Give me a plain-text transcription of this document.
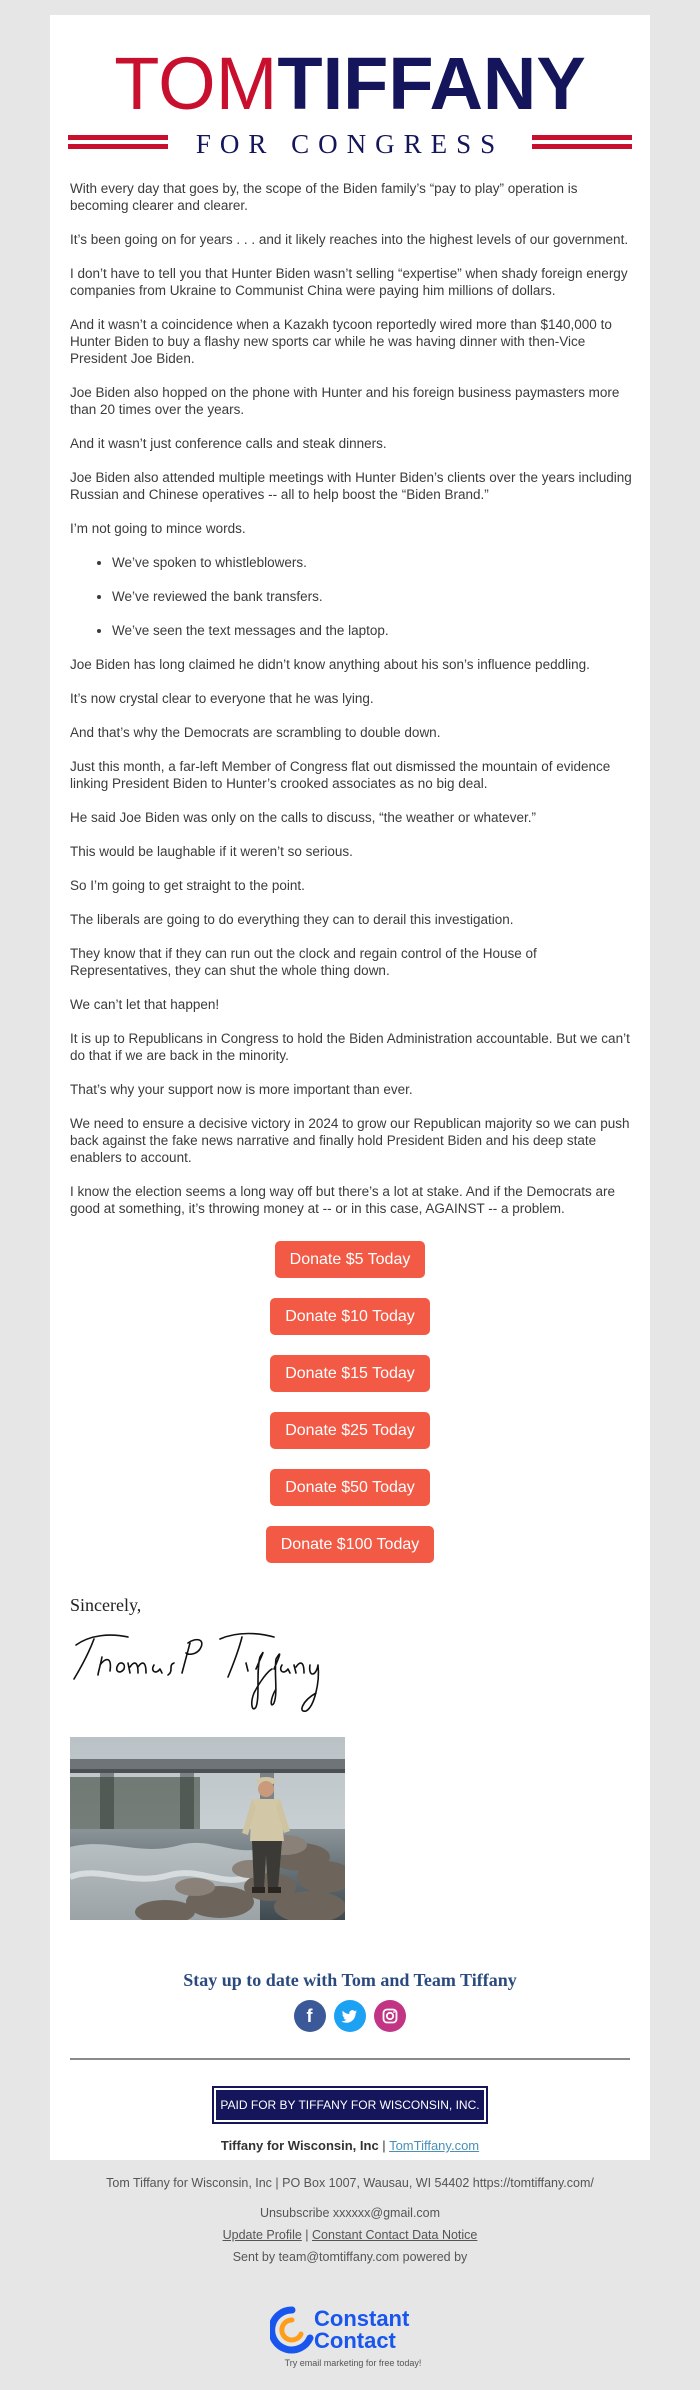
TOMTIFFANY
FOR CONGRESS

With every day that goes by, the scope of the Biden family’s “pay to play” operation is becoming clearer and clearer.

It’s been going on for years . . . and it likely reaches into the highest levels of our government.

I don’t have to tell you that Hunter Biden wasn’t selling “expertise” when shady foreign energy companies from Ukraine to Communist China were paying him millions of dollars.

And it wasn’t a coincidence when a Kazakh tycoon reportedly wired more than $140,000 to Hunter Biden to buy a flashy new sports car while he was having dinner with then-Vice President Joe Biden.

Joe Biden also hopped on the phone with Hunter and his foreign business paymasters more than 20 times over the years.

And it wasn’t just conference calls and steak dinners.

Joe Biden also attended multiple meetings with Hunter Biden’s clients over the years including Russian and Chinese operatives -- all to help boost the “Biden Brand.”

I’m not going to mince words.

• We’ve spoken to whistleblowers.
• We’ve reviewed the bank transfers.
• We’ve seen the text messages and the laptop.

Joe Biden has long claimed he didn’t know anything about his son’s influence peddling.

It’s now crystal clear to everyone that he was lying.

And that’s why the Democrats are scrambling to double down.

Just this month, a far-left Member of Congress flat out dismissed the mountain of evidence linking President Biden to Hunter’s crooked associates as no big deal.

He said Joe Biden was only on the calls to discuss, “the weather or whatever.”

This would be laughable if it weren’t so serious.

So I’m going to get straight to the point.

The liberals are going to do everything they can to derail this investigation.

They know that if they can run out the clock and regain control of the House of Representatives, they can shut the whole thing down.

We can’t let that happen!

It is up to Republicans in Congress to hold the Biden Administration accountable. But we can’t do that if we are back in the minority.

That’s why your support now is more important than ever.

We need to ensure a decisive victory in 2024 to grow our Republican majority so we can push back against the fake news narrative and finally hold President Biden and his deep state enablers to account.

I know the election seems a long way off but there’s a lot at stake. And if the Democrats are good at something, it’s throwing money at -- or in this case, AGAINST -- a problem.

Donate $5 Today
Donate $10 Today
Donate $15 Today
Donate $25 Today
Donate $50 Today
Donate $100 Today
Sincerely,
Stay up to date with Tom and Team Tiffany
f
PAID FOR BY TIFFANY FOR WISCONSIN, INC.
Tiffany for Wisconsin, Inc | TomTiffany.com
Tom Tiffany for Wisconsin, Inc | PO Box 1007, Wausau, WI 54402 https://tomtiffany.com/
Unsubscribe xxxxxx@gmail.com
Update Profile | Constant Contact Data Notice
Sent by team@tomtiffany.com powered by
Constant
Contact
Try email marketing for free today!
